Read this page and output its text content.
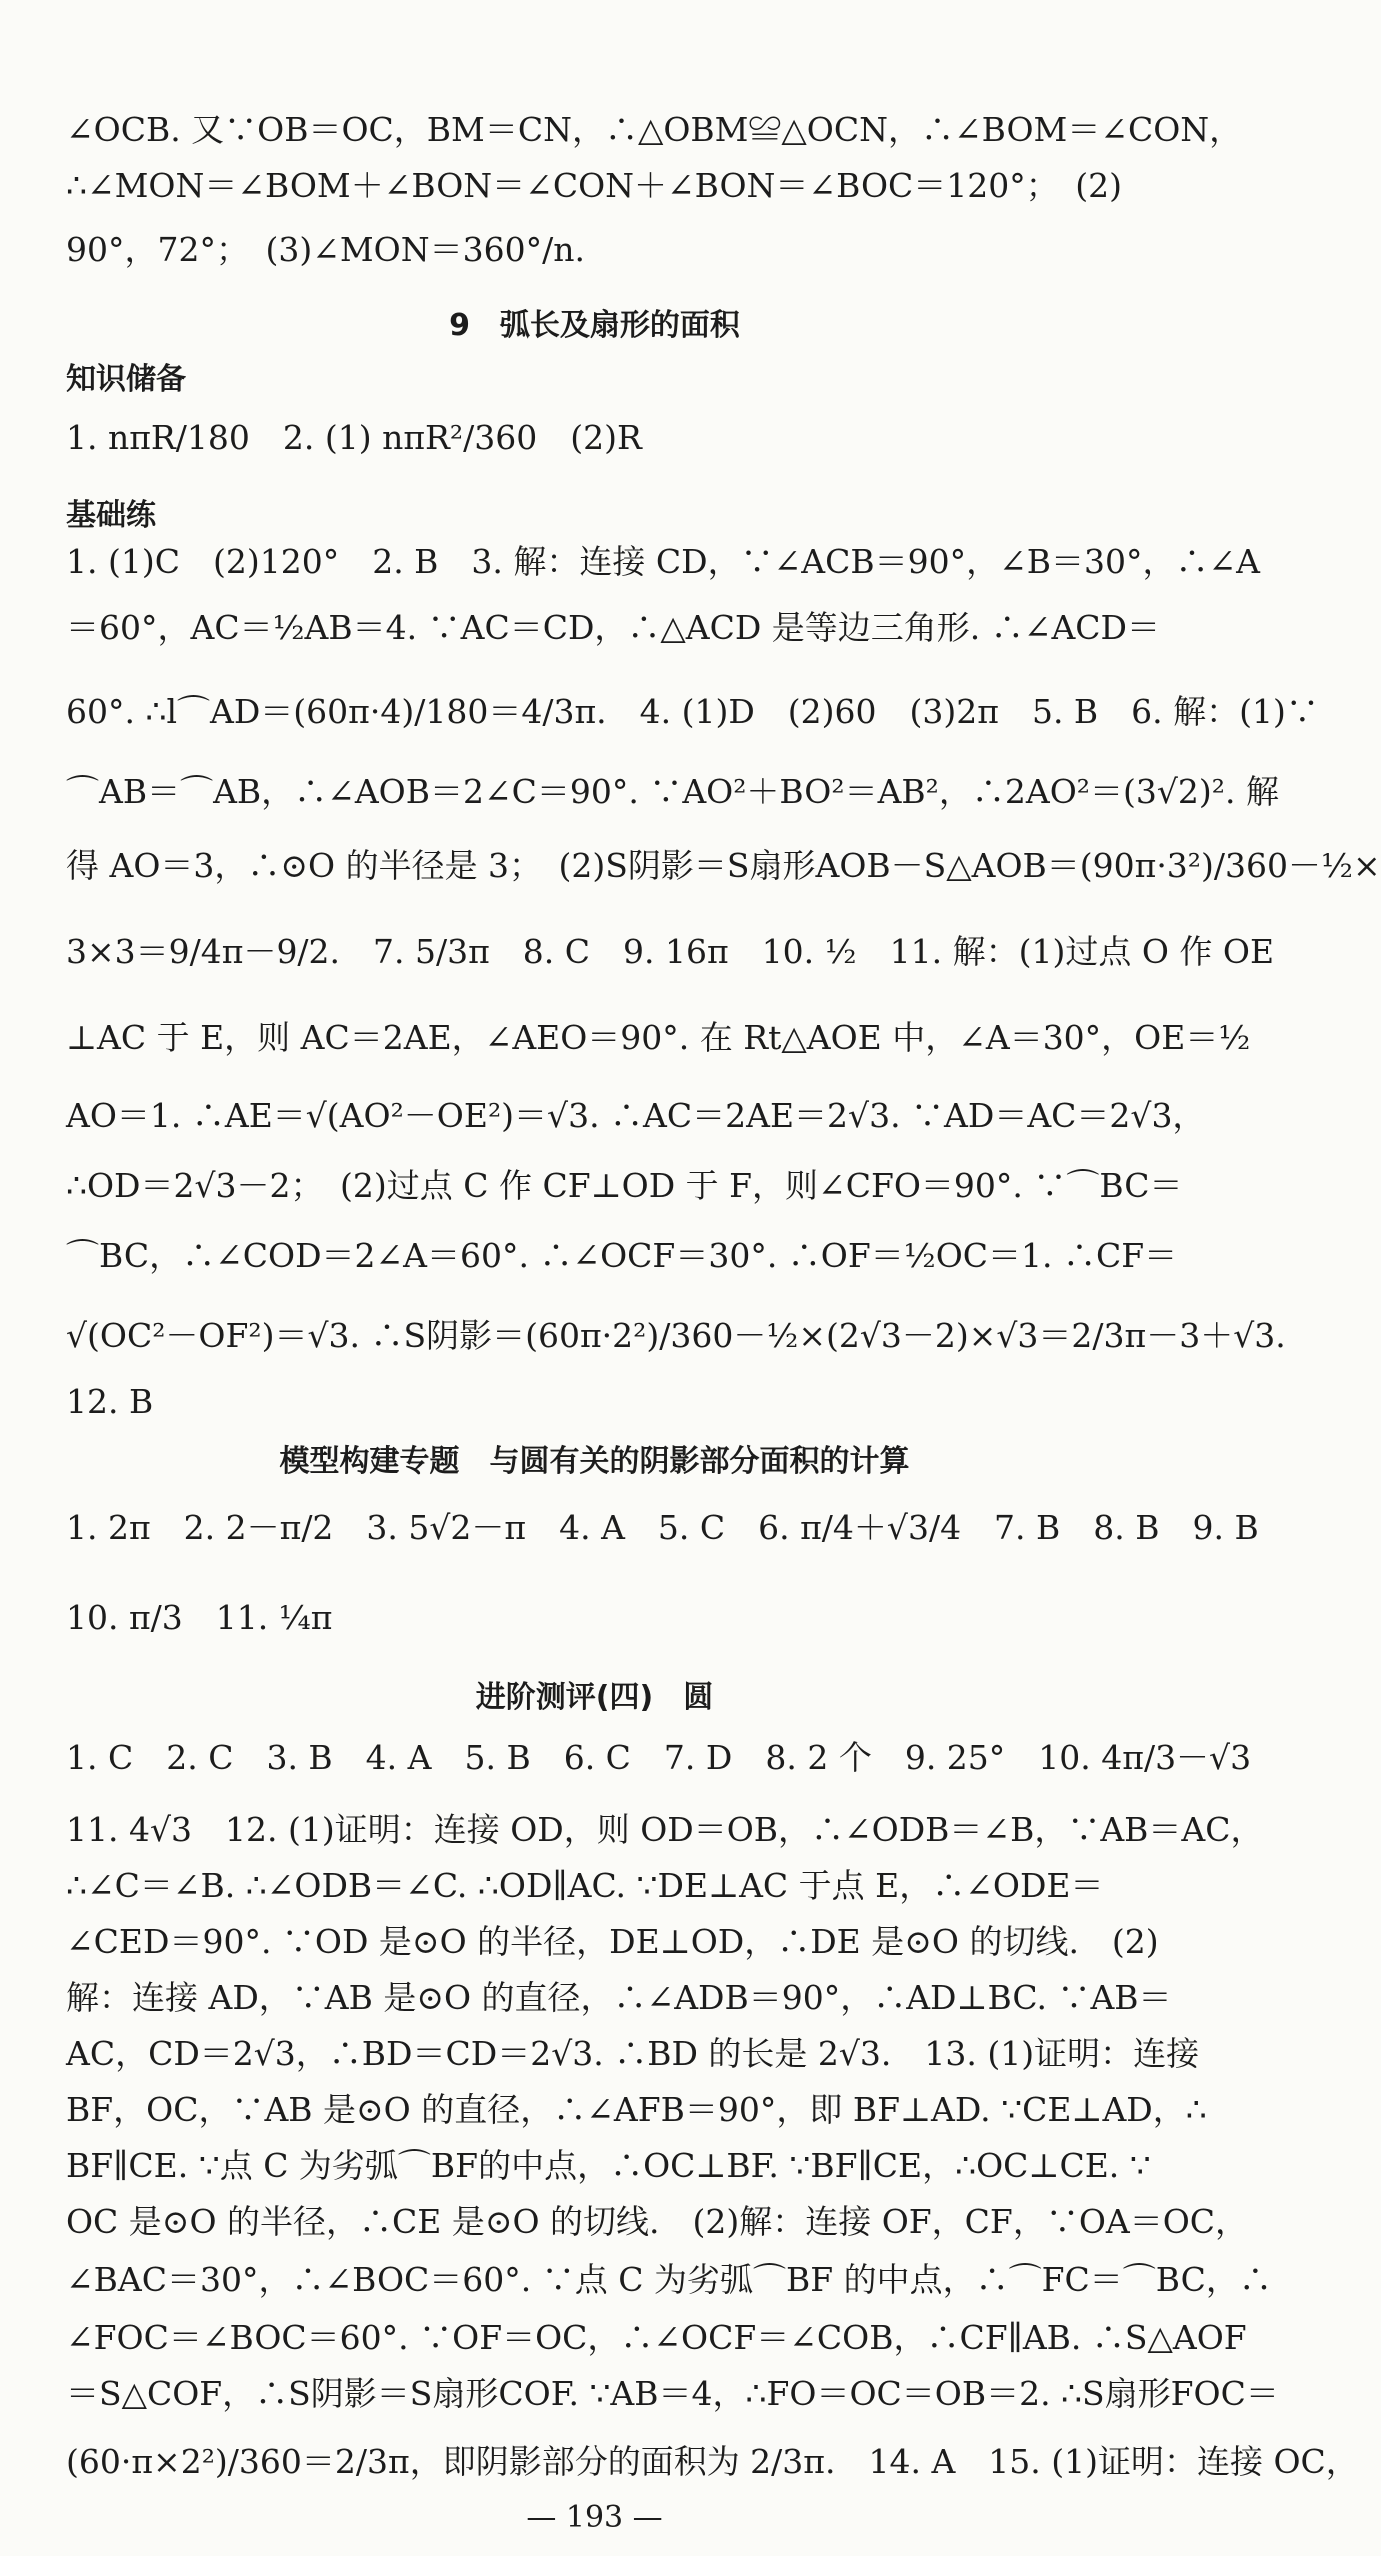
∠OCB. 又∵OB＝OC，BM＝CN，∴△OBM≌△OCN，∴∠BOM＝∠CON，
∴∠MON＝∠BOM＋∠BON＝∠CON＋∠BON＝∠BOC＝120°；　(2)
90°，72°；　(3)∠MON＝360°/n.
9　弧长及扇形的面积
知识储备
1. nπR/180　2. (1) nπR²/360　(2)R
基础练
1. (1)C　(2)120°　2. B　3. 解：连接 CD，∵∠ACB＝90°，∠B＝30°，∴∠A
＝60°，AC＝½AB＝4. ∵AC＝CD，∴△ACD 是等边三角形. ∴∠ACD＝
60°. ∴l⌒AD＝(60π·4)/180＝4/3π.　4. (1)D　(2)60　(3)2π　5. B　6. 解：(1)∵
⌒AB＝⌒AB，∴∠AOB＝2∠C＝90°. ∵AO²＋BO²＝AB²，∴2AO²＝(3√2)². 解
得 AO＝3，∴⊙O 的半径是 3；　(2)S阴影＝S扇形AOB－S△AOB＝(90π·3²)/360－½×
3×3＝9/4π－9/2.　7. 5/3π　8. C　9. 16π　10. ½　11. 解：(1)过点 O 作 OE
⊥AC 于 E，则 AC＝2AE，∠AEO＝90°. 在 Rt△AOE 中，∠A＝30°，OE＝½
AO＝1. ∴AE＝√(AO²－OE²)＝√3. ∴AC＝2AE＝2√3. ∵AD＝AC＝2√3，
∴OD＝2√3－2；　(2)过点 C 作 CF⊥OD 于 F，则∠CFO＝90°. ∵⌒BC＝
⌒BC，∴∠COD＝2∠A＝60°. ∴∠OCF＝30°. ∴OF＝½OC＝1. ∴CF＝
√(OC²－OF²)＝√3. ∴S阴影＝(60π·2²)/360－½×(2√3－2)×√3＝2/3π－3＋√3.
12. B
模型构建专题　与圆有关的阴影部分面积的计算
1. 2π　2. 2－π/2　3. 5√2－π　4. A　5. C　6. π/4＋√3/4　7. B　8. B　9. B
10. π/3　11. ¼π
进阶测评(四)　圆
1. C　2. C　3. B　4. A　5. B　6. C　7. D　8. 2 个　9. 25°　10. 4π/3－√3
11. 4√3　12. (1)证明：连接 OD，则 OD＝OB，∴∠ODB＝∠B，∵AB＝AC，
∴∠C＝∠B. ∴∠ODB＝∠C. ∴OD∥AC. ∵DE⊥AC 于点 E，∴∠ODE＝
∠CED＝90°. ∵OD 是⊙O 的半径，DE⊥OD，∴DE 是⊙O 的切线.　(2)
解：连接 AD，∵AB 是⊙O 的直径，∴∠ADB＝90°，∴AD⊥BC. ∵AB＝
AC，CD＝2√3，∴BD＝CD＝2√3. ∴BD 的长是 2√3.　13. (1)证明：连接
BF，OC，∵AB 是⊙O 的直径，∴∠AFB＝90°，即 BF⊥AD. ∵CE⊥AD，∴
BF∥CE. ∵点 C 为劣弧⌒BF的中点，∴OC⊥BF. ∵BF∥CE，∴OC⊥CE. ∵
OC 是⊙O 的半径，∴CE 是⊙O 的切线.　(2)解：连接 OF，CF，∵OA＝OC，
∠BAC＝30°，∴∠BOC＝60°. ∵点 C 为劣弧⌒BF 的中点，∴⌒FC＝⌒BC，∴
∠FOC＝∠BOC＝60°. ∵OF＝OC，∴∠OCF＝∠COB，∴CF∥AB. ∴S△AOF
＝S△COF，∴S阴影＝S扇形COF. ∵AB＝4，∴FO＝OC＝OB＝2. ∴S扇形FOC＝
(60·π×2²)/360＝2/3π，即阴影部分的面积为 2/3π.　14. A　15. (1)证明：连接 OC，
— 193 —
